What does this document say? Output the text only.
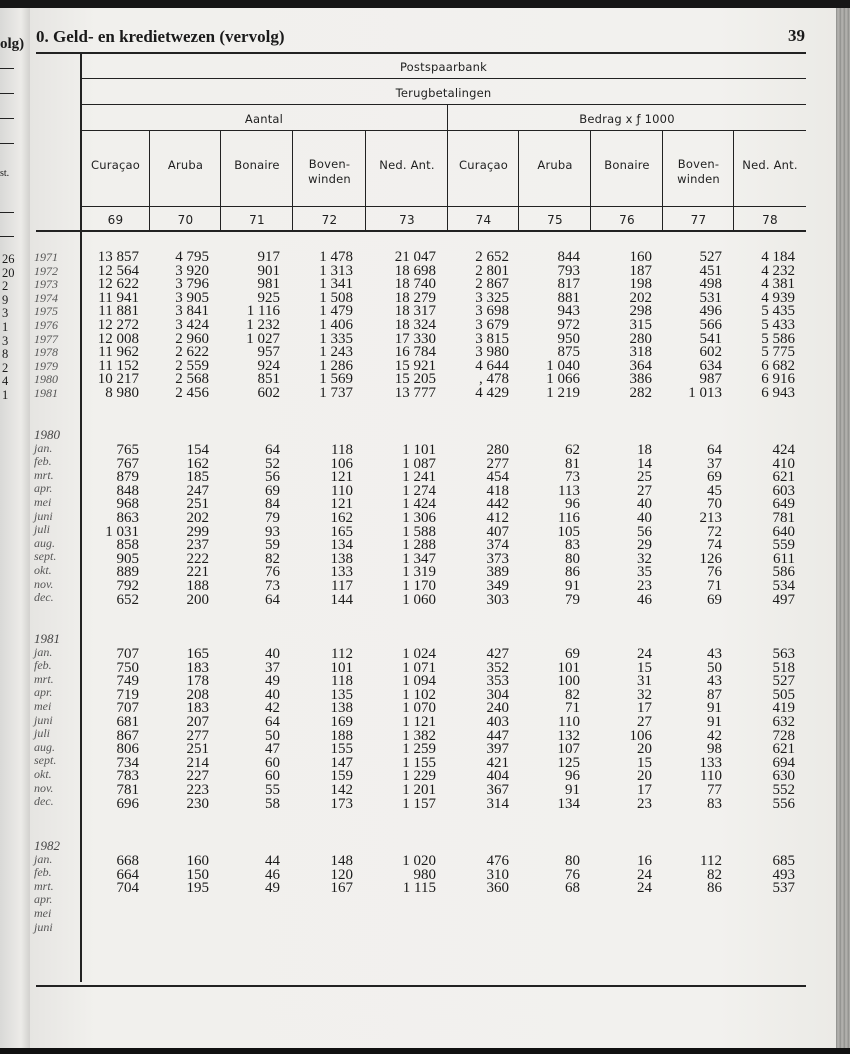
olg)
st.
26
20
2
9
3
1
3
8
2
4
1
0. Geld- en kredietwezen (vervolg)	39
Postspaarbank
Terugbetalingen
Aantal	Bedrag x ƒ 1000
Curaçao
69
Aruba
70
Bonaire
71
Boven-
winden
72
Ned. Ant.
73
Curaçao
74
Aruba
75
Bonaire
76
Boven-
winden
77
Ned. Ant.
78
1971
1972
1973
1974
1975
1976
1977
1978
1979
1980
1981
13 857
12 564
12 622
11 941
11 881
12 272
12 008
11 962
11 152
10 217
8 980
4 795
3 920
3 796
3 905
3 841
3 424
2 960
2 622
2 559
2 568
2 456
917
901
981
925
1 116
1 232
1 027
957
924
851
602
1 478
1 313
1 341
1 508
1 479
1 406
1 335
1 243
1 286
1 569
1 737
21 047
18 698
18 740
18 279
18 317
18 324
17 330
16 784
15 921
15 205
13 777
2 652
2 801
2 867
3 325
3 698
3 679
3 815
3 980
4 644
, 478
4 429
844
793
817
881
943
972
950
875
1 040
1 066
1 219
160
187
198
202
298
315
280
318
364
386
282
527
451
498
531
496
566
541
602
634
987
1 013
4 184
4 232
4 381
4 939
5 435
5 433
5 586
5 775
6 682
6 916
6 943
1980
jan.
feb.
mrt.
apr.
mei
juni
juli
aug.
sept.
okt.
nov.
dec.
765
767
879
848
968
863
1 031
858
905
889
792
652
154
162
185
247
251
202
299
237
222
221
188
200
64
52
56
69
84
79
93
59
82
76
73
64
118
106
121
110
121
162
165
134
138
133
117
144
1 101
1 087
1 241
1 274
1 424
1 306
1 588
1 288
1 347
1 319
1 170
1 060
280
277
454
418
442
412
407
374
373
389
349
303
62
81
73
113
96
116
105
83
80
86
91
79
18
14
25
27
40
40
56
29
32
35
23
46
64
37
69
45
70
213
72
74
126
76
71
69
424
410
621
603
649
781
640
559
611
586
534
497
1981
jan.
feb.
mrt.
apr.
mei
juni
juli
aug.
sept.
okt.
nov.
dec.
707
750
749
719
707
681
867
806
734
783
781
696
165
183
178
208
183
207
277
251
214
227
223
230
40
37
49
40
42
64
50
47
60
60
55
58
112
101
118
135
138
169
188
155
147
159
142
173
1 024
1 071
1 094
1 102
1 070
1 121
1 382
1 259
1 155
1 229
1 201
1 157
427
352
353
304
240
403
447
397
421
404
367
314
69
101
100
82
71
110
132
107
125
96
91
134
24
15
31
32
17
27
106
20
15
20
17
23
43
50
43
87
91
91
42
98
133
110
77
83
563
518
527
505
419
632
728
621
694
630
552
556
1982
jan.
feb.
mrt.
apr.
mei
juni
668
664
704
160
150
195
44
46
49
148
120
167
1 020
980
1 115
476
310
360
80
76
68
16
24
24
112
82
86
685
493
537
